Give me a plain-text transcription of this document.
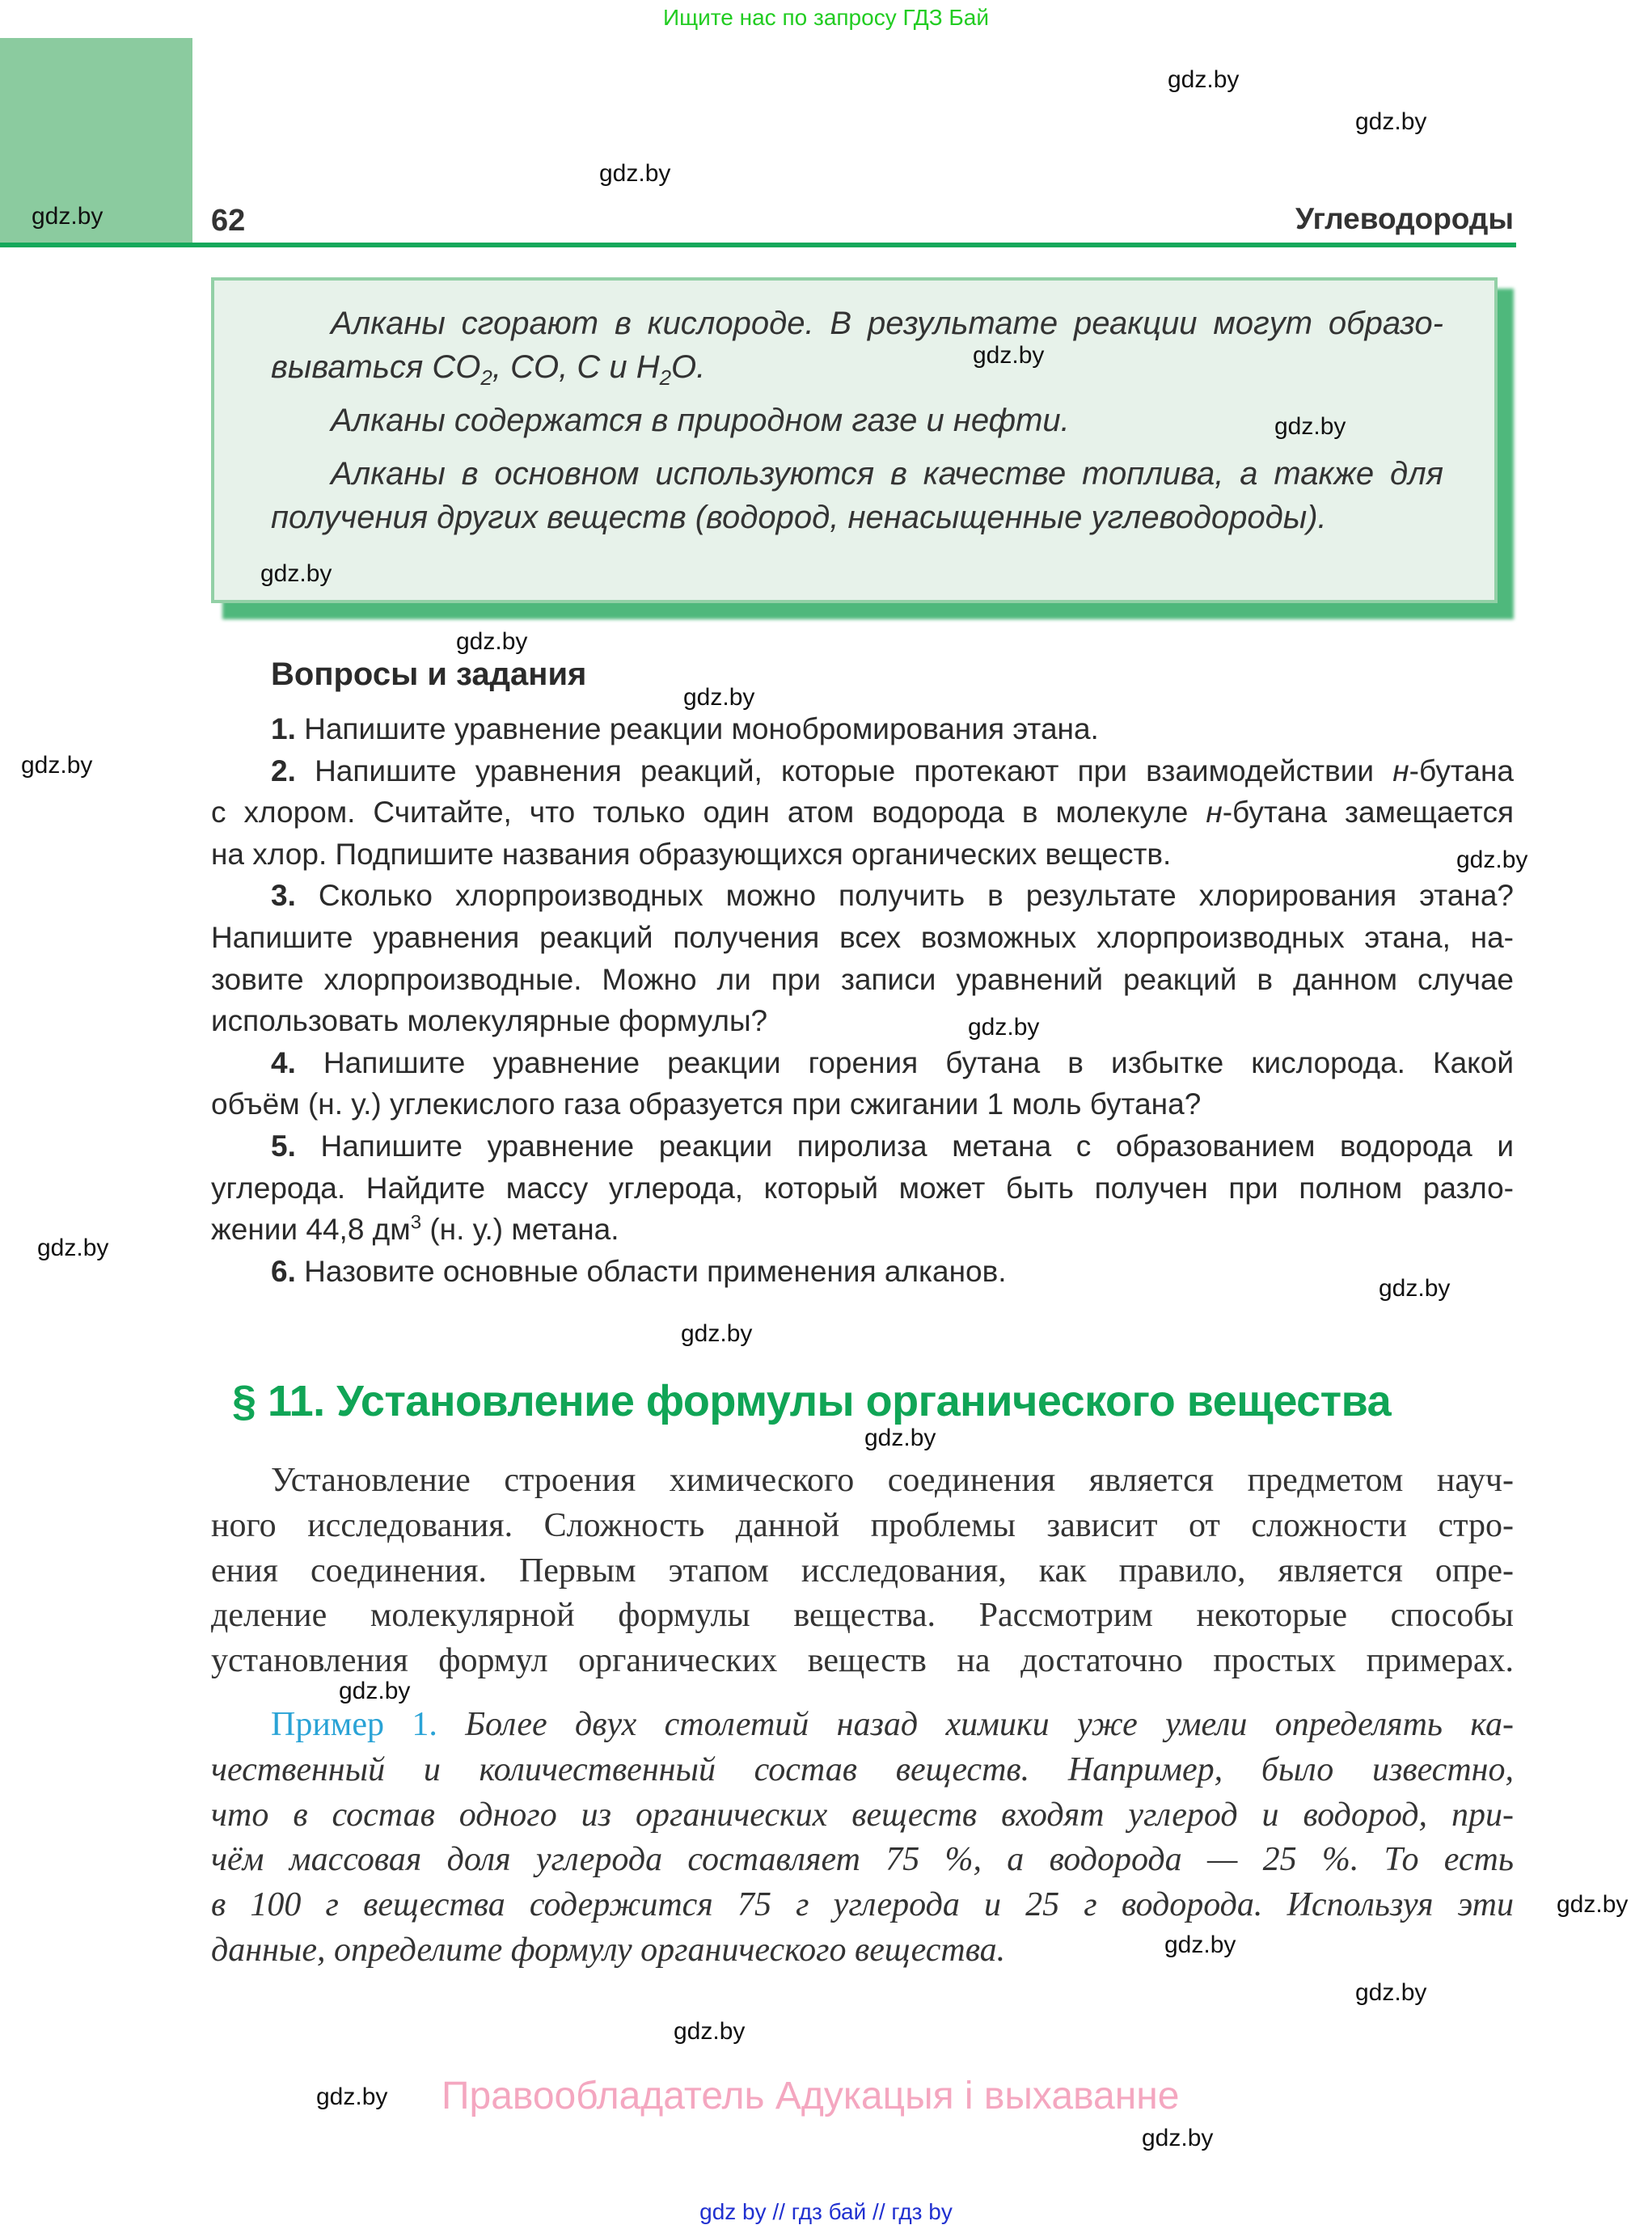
Ищите нас по запросу ГДЗ Бай
62	Углеводороды
Алканы сгорают в кислороде. В результате реакции могут образо-
вываться $CO_2$, CO, C и $H_2O$.
Алканы содержатся в природном газе и нефти.
Алканы в основном используются в качестве топлива, а также для
получения других веществ (водород, ненасыщенные углеводороды).
Вопросы и задания
1. Напишите уравнение реакции монобромирования этана.
2. Напишите уравнения реакций, которые протекают при взаимодействии н-бутана
с хлором. Считайте, что только один атом водорода в молекуле н-бутана замещается
на хлор. Подпишите названия образующихся органических веществ.
3. Сколько хлорпроизводных можно получить в результате хлорирования этана?
Напишите уравнения реакций получения всех возможных хлорпроизводных этана, на-
зовите хлорпроизводные. Можно ли при записи уравнений реакций в данном случае
использовать молекулярные формулы?
4. Напишите уравнение реакции горения бутана в избытке кислорода. Какой
объём (н. у.) углекислого газа образуется при сжигании 1 моль бутана?
5. Напишите уравнение реакции пиролиза метана с образованием водорода и
углерода. Найдите массу углерода, который может быть получен при полном разло-
жении 44,8 $дм^3$ (н. у.) метана.
6. Назовите основные области применения алканов.
§ 11. Установление формулы органического вещества
Установление строения химического соединения является предметом науч-
ного исследования. Сложность данной проблемы зависит от сложности стро-
ения соединения. Первым этапом исследования, как правило, является опре-
деление молекулярной формулы вещества. Рассмотрим некоторые способы
установления формул органических веществ на достаточно простых примерах.
Пример 1. Более двух столетий назад химики уже умели определять ка-
чественный и количественный состав веществ. Например, было известно,
что в состав одного из органических веществ входят углерод и водород, при-
чём массовая доля углерода составляет 75 %, а водорода — 25 %. То есть
в 100 г вещества содержится 75 г углерода и 25 г водорода. Используя эти
данные, определите формулу органического вещества.
Правообладатель Адукацыя і выхаванне
gdz by // гдз бай // гдз by
gdz.by
gdz.by
gdz.by
gdz.by
gdz.by
gdz.by
gdz.by
gdz.by
gdz.by
gdz.by
gdz.by
gdz.by
gdz.by
gdz.by
gdz.by
gdz.by
gdz.by
gdz.by
gdz.by
gdz.by
gdz.by
gdz.by
gdz.by
